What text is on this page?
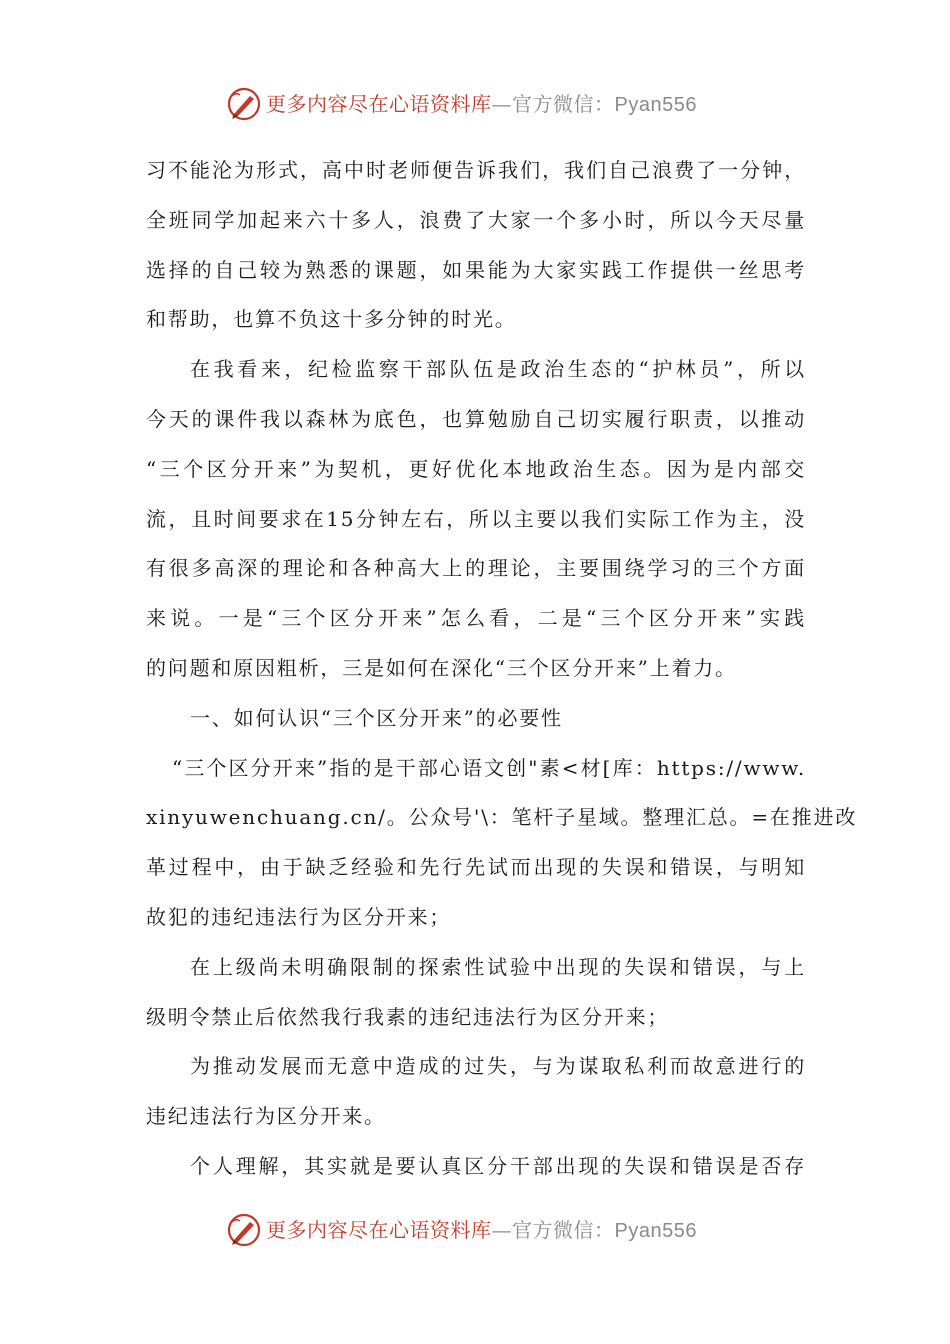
更多内容尽在心语资料库—官方微信：Pyan556
习不能沦为形式，高中时老师便告诉我们，我们自己浪费了一分钟，
全班同学加起来六十多人，浪费了大家一个多小时，所以今天尽量
选择的自己较为熟悉的课题，如果能为大家实践工作提供一丝思考
和帮助，也算不负这十多分钟的时光。
在我看来，纪检监察干部队伍是政治生态的“护林员”，所以
今天的课件我以森林为底色，也算勉励自己切实履行职责，以推动
“三个区分开来”为契机，更好优化本地政治生态。因为是内部交
流，且时间要求在15分钟左右，所以主要以我们实际工作为主，没
有很多高深的理论和各种高大上的理论，主要围绕学习的三个方面
来说。一是“三个区分开来”怎么看，二是“三个区分开来”实践
的问题和原因粗析，三是如何在深化“三个区分开来”上着力。
一、如何认识“三个区分开来”的必要性
“三个区分开来”指的是干部心语文创"素<材[库：https://www.
xinyuwenchuang.cn/。公众号'\：笔杆子星域。整理汇总。=在推进改
革过程中，由于缺乏经验和先行先试而出现的失误和错误，与明知
故犯的违纪违法行为区分开来；
在上级尚未明确限制的探索性试验中出现的失误和错误，与上
级明令禁止后依然我行我素的违纪违法行为区分开来；
为推动发展而无意中造成的过失，与为谋取私利而故意进行的
违纪违法行为区分开来。
个人理解，其实就是要认真区分干部出现的失误和错误是否存
更多内容尽在心语资料库—官方微信：Pyan556
